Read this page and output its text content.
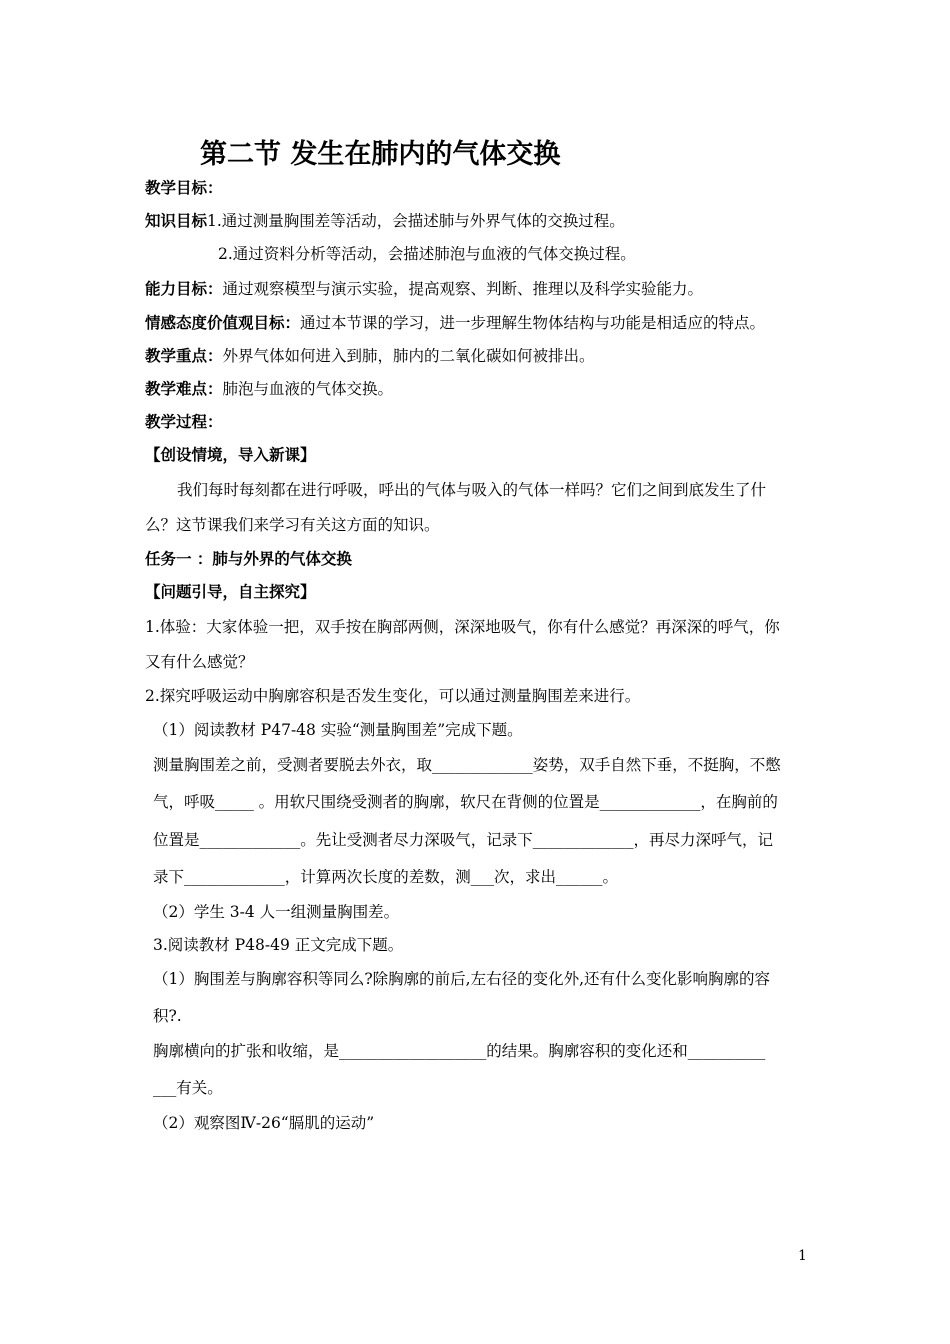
第二节 发生在肺内的气体交换
教学目标：
知识目标1.通过测量胸围差等活动，会描述肺与外界气体的交换过程。
2.通过资料分析等活动，会描述肺泡与血液的气体交换过程。
能力目标：通过观察模型与演示实验，提高观察、判断、推理以及科学实验能力。
情感态度价值观目标：通过本节课的学习，进一步理解生物体结构与功能是相适应的特点。
教学重点：外界气体如何进入到肺，肺内的二氧化碳如何被排出。
教学难点：肺泡与血液的气体交换。
教学过程：
【创设情境，导入新课】
我们每时每刻都在进行呼吸，呼出的气体与吸入的气体一样吗？它们之间到底发生了什
么？这节课我们来学习有关这方面的知识。
任务一 ：肺与外界的气体交换
【问题引导，自主探究】
1.体验：大家体验一把，双手按在胸部两侧，深深地吸气，你有什么感觉？再深深的呼气，你
又有什么感觉？
2.探究呼吸运动中胸廓容积是否发生变化，可以通过测量胸围差来进行。
（1）阅读教材 P47-48 实验“测量胸围差”完成下题。
测量胸围差之前，受测者要脱去外衣，取_____________姿势，双手自然下垂，不挺胸，不憋
气，呼吸_____ 。用软尺围绕受测者的胸廓，软尺在背侧的位置是_____________，在胸前的
位置是_____________。先让受测者尽力深吸气，记录下_____________，再尽力深呼气，记
录下_____________，计算两次长度的差数，测___次，求出______。
（2）学生 3-4 人一组测量胸围差。
3.阅读教材 P48-49 正文完成下题。
（1）胸围差与胸廓容积等同么?除胸廓的前后,左右径的变化外,还有什么变化影响胸廓的容
积?.
胸廓横向的扩张和收缩，是___________________的结果。胸廓容积的变化还和__________
___有关。
（2）观察图Ⅳ-26“膈肌的运动”
1
